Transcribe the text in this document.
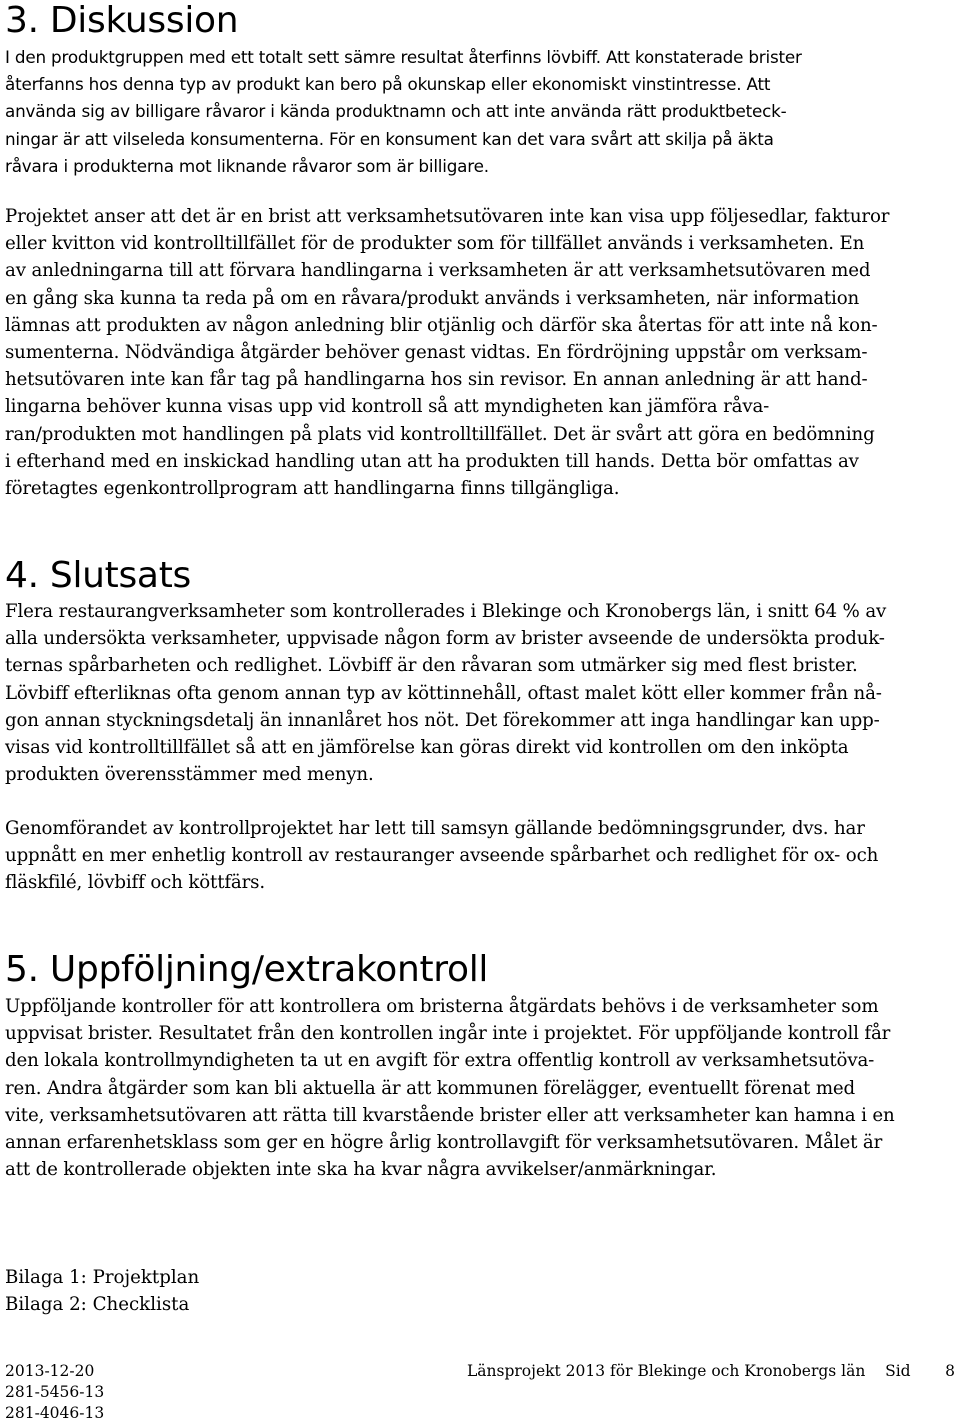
3. Diskussion
I den produktgruppen med ett totalt sett sämre resultat återfinns lövbiff. Att konstaterade brister
återfanns hos denna typ av produkt kan bero på okunskap eller ekonomiskt vinstintresse. Att
använda sig av billigare råvaror i kända produktnamn och att inte använda rätt produktbeteck-
ningar är att vilseleda konsumenterna. För en konsument kan det vara svårt att skilja på äkta
råvara i produkterna mot liknande råvaror som är billigare.
Projektet anser att det är en brist att verksamhetsutövaren inte kan visa upp följesedlar, fakturor
eller kvitton vid kontrolltillfället för de produkter som för tillfället används i verksamheten. En
av anledningarna till att förvara handlingarna i verksamheten är att verksamhetsutövaren med
en gång ska kunna ta reda på om en råvara/produkt används i verksamheten, när information
lämnas att produkten av någon anledning blir otjänlig och därför ska återtas för att inte nå kon-
sumenterna. Nödvändiga åtgärder behöver genast vidtas. En fördröjning uppstår om verksam-
hetsutövaren inte kan får tag på handlingarna hos sin revisor. En annan anledning är att hand-
lingarna behöver kunna visas upp vid kontroll så att myndigheten kan jämföra råva-
ran/produkten mot handlingen på plats vid kontrolltillfället. Det är svårt att göra en bedömning
i efterhand med en inskickad handling utan att ha produkten till hands. Detta bör omfattas av
företagtes egenkontrollprogram att handlingarna finns tillgängliga.
4. Slutsats
Flera restaurangverksamheter som kontrollerades i Blekinge och Kronobergs län, i snitt 64 % av
alla undersökta verksamheter, uppvisade någon form av brister avseende de undersökta produk-
ternas spårbarheten och redlighet. Lövbiff är den råvaran som utmärker sig med flest brister.
Lövbiff efterliknas ofta genom annan typ av köttinnehåll, oftast malet kött eller kommer från nå-
gon annan styckningsdetalj än innanlåret hos nöt. Det förekommer att inga handlingar kan upp-
visas vid kontrolltillfället så att en jämförelse kan göras direkt vid kontrollen om den inköpta
produkten överensstämmer med menyn.
Genomförandet av kontrollprojektet har lett till samsyn gällande bedömningsgrunder, dvs. har
uppnått en mer enhetlig kontroll av restauranger avseende spårbarhet och redlighet för ox- och
fläskfilé, lövbiff och köttfärs.
5. Uppföljning/extrakontroll
Uppföljande kontroller för att kontrollera om bristerna åtgärdats behövs i de verksamheter som
uppvisat brister. Resultatet från den kontrollen ingår inte i projektet. För uppföljande kontroll får
den lokala kontrollmyndigheten ta ut en avgift för extra offentlig kontroll av verksamhetsutöva-
ren. Andra åtgärder som kan bli aktuella är att kommunen förelägger, eventuellt förenat med
vite, verksamhetsutövaren att rätta till kvarstående brister eller att verksamheter kan hamna i en
annan erfarenhetsklass som ger en högre årlig kontrollavgift för verksamhetsutövaren. Målet är
att de kontrollerade objekten inte ska ha kvar några avvikelser/anmärkningar.
Bilaga 1: Projektplan
Bilaga 2: Checklista
2013-12-20
281-5456-13
281-4046-13
Länsprojekt 2013 för Blekinge och Kronobergs län Sid 8
